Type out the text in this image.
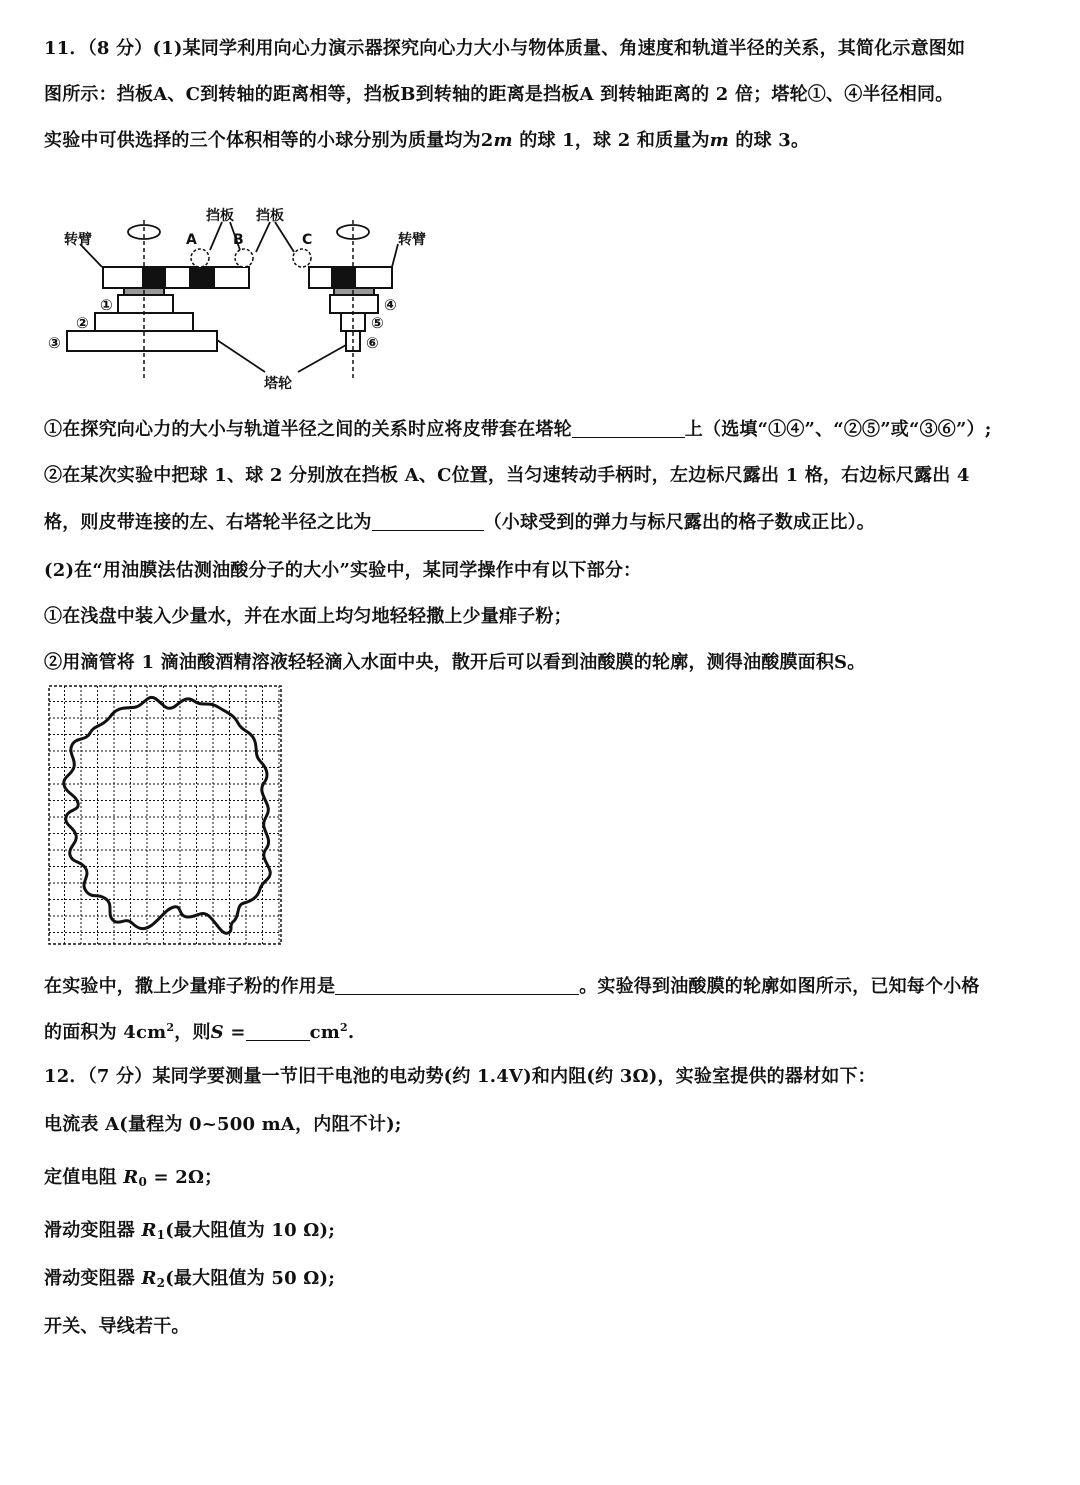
11．（8 分）(1)某同学利用向心力演示器探究向心力大小与物体质量、角速度和轨道半径的关系，其简化示意图如
图所示：挡板A、C到转轴的距离相等，挡板B到转轴的距离是挡板A 到转轴距离的 2 倍；塔轮①、④半径相同。
实验中可供选择的三个体积相等的小球分别为质量均为2m 的球 1，球 2 和质量为m 的球 3。
转臂	转臂
挡板 挡板
A	B	C
①
②
③
④
⑤
⑥
塔轮
①在探究向心力的大小与轨道半径之间的关系时应将皮带套在塔轮	上（选填“①④”、“②⑤”或“③⑥”）;
②在某次实验中把球 1、球 2 分别放在挡板 A、C位置，当匀速转动手柄时，左边标尺露出 1 格，右边标尺露出 4
格，则皮带连接的左、右塔轮半径之比为	（小球受到的弹力与标尺露出的格子数成正比）。
(2)在“用油膜法估测油酸分子的大小”实验中，某同学操作中有以下部分：
①在浅盘中装入少量水，并在水面上均匀地轻轻撒上少量痱子粉；
②用滴管将 1 滴油酸酒精溶液轻轻滴入水面中央，散开后可以看到油酸膜的轮廓，测得油酸膜面积S。
在实验中，撒上少量痱子粉的作用是	。实验得到油酸膜的轮廓如图所示，已知每个小格
的面积为 $4cm^2$，则S =	$cm^2$.
12．（7 分）某同学要测量一节旧干电池的电动势(约 1.4V)和内阻(约 3Ω)，实验室提供的器材如下：
电流表 A(量程为 0~500 mA，内阻不计);
定值电阻 $R_0 = 2\Omega$；
滑动变阻器 $R_1$(最大阻值为 10 Ω);
滑动变阻器 $R_2$(最大阻值为 50 Ω);
开关、导线若干。
